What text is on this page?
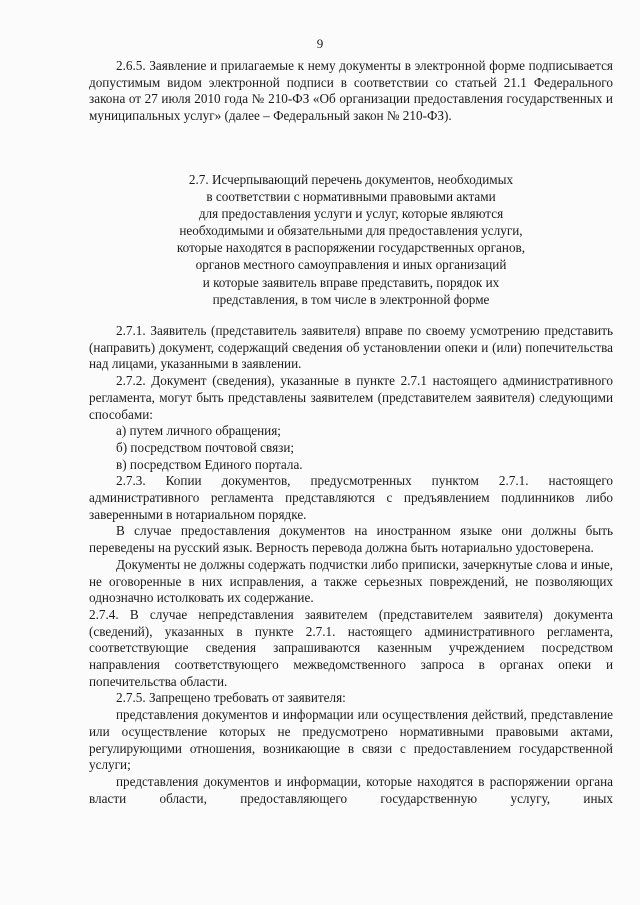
9

2.6.5. Заявление и прилагаемые к нему документы в электронной форме подписывается допустимым видом электронной подписи в соответствии со статьей 21.1 Федерального закона от 27 июля 2010 года № 210-ФЗ «Об организации предоставления государственных и муниципальных услуг» (далее – Федеральный закон № 210-ФЗ).

2.7. Исчерпывающий перечень документов, необходимых
в соответствии с нормативными правовыми актами
для предоставления услуги и услуг, которые являются
необходимыми и обязательными для предоставления услуги,
которые находятся в распоряжении государственных органов,
органов местного самоуправления и иных организаций
и которые заявитель вправе представить, порядок их
представления, в том числе в электронной форме

2.7.1. Заявитель (представитель заявителя) вправе по своему усмотрению представить (направить) документ, содержащий сведения об установлении опеки и (или) попечительства над лицами, указанными в заявлении.

2.7.2. Документ (сведения), указанные в пункте 2.7.1 настоящего административного регламента, могут быть представлены заявителем (представителем заявителя) следующими способами:

а) путем личного обращения;

б) посредством почтовой связи;

в) посредством Единого портала.

2.7.3. Копии документов, предусмотренных пунктом 2.7.1. настоящего административного регламента представляются с предъявлением подлинников либо заверенными в нотариальном порядке.

В случае предоставления документов на иностранном языке они должны быть переведены на русский язык. Верность перевода должна быть нотариально удостоверена.

Документы не должны содержать подчистки либо приписки, зачеркнутые слова и иные, не оговоренные в них исправления, а также серьезных повреждений, не позволяющих однозначно истолковать их содержание.

2.7.4. В случае непредставления заявителем (представителем заявителя) документа (сведений), указанных в пункте 2.7.1. настоящего административного регламента, соответствующие сведения запрашиваются казенным учреждением посредством направления соответствующего межведомственного запроса в органах опеки и попечительства области.

2.7.5. Запрещено требовать от заявителя:

представления документов и информации или осуществления действий, представление или осуществление которых не предусмотрено нормативными правовыми актами, регулирующими отношения, возникающие в связи с предоставлением государственной услуги;

представления документов и информации, которые находятся в распоряжении органа власти области, предоставляющего государственную услугу, иных
